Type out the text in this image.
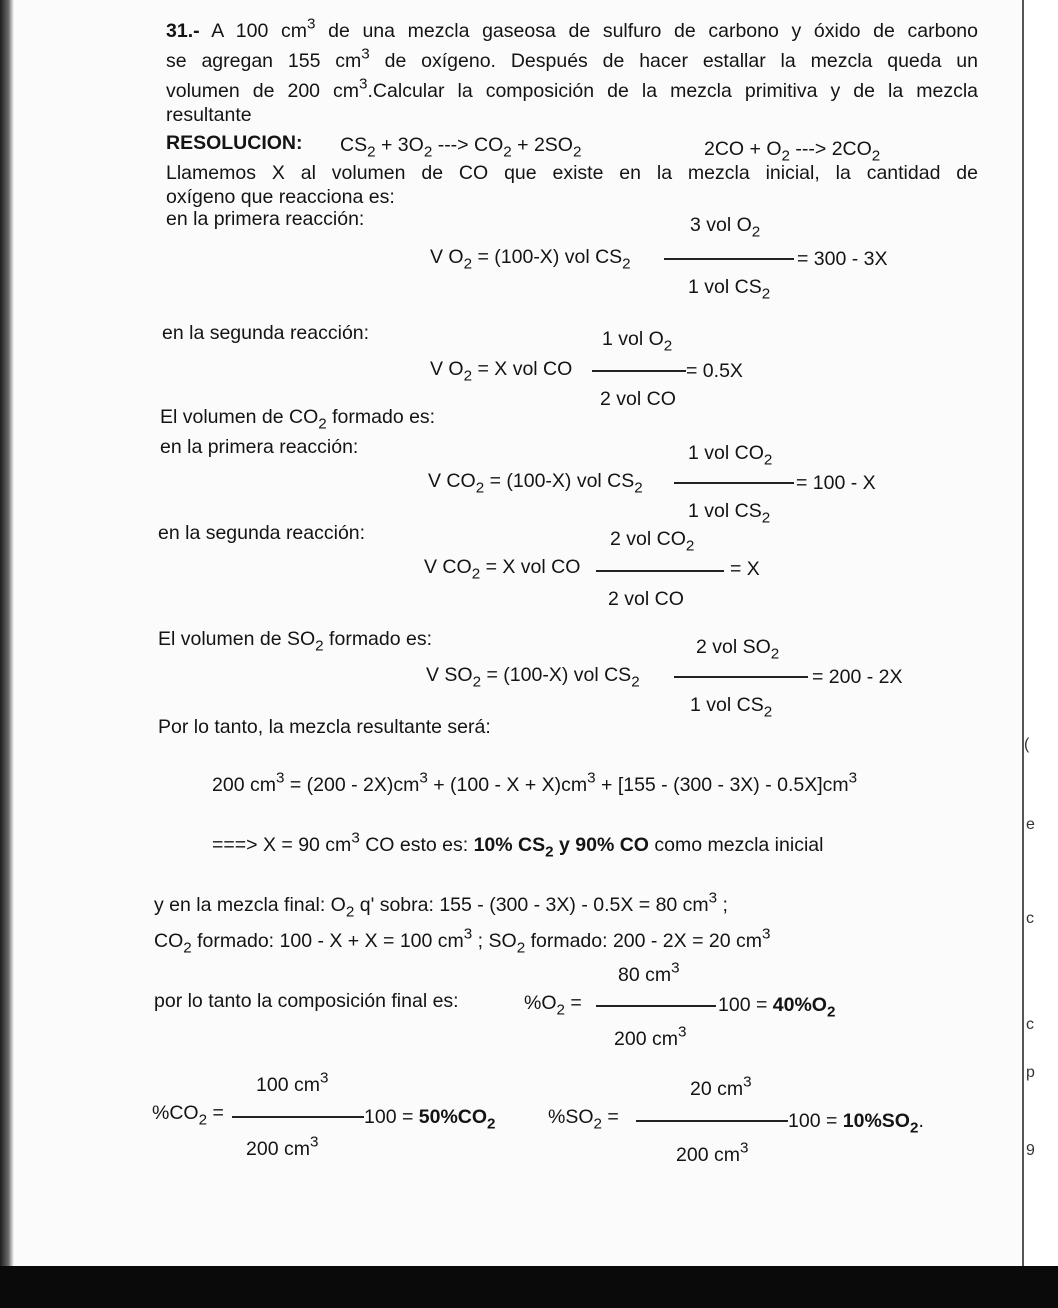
(
e
c
c
p
9
31.- A 100 $cm^3$ de una mezcla gaseosa de sulfuro de carbono y óxido de carbono
se agregan 155 $cm^3$ de oxígeno. Después de hacer estallar la mezcla queda un
volumen de 200 $cm^3.Calcular$ la composición de la mezcla primitiva y de la mezcla
resultante
RESOLUCION: $CS_2 + 3O_2$ ---> $CO_2 + 2SO_2$	$2CO + O_2$ ---> $2CO_2$
Llamemos X al volumen de CO que existe en la mezcla inicial, la cantidad de
oxígeno que reacciona es:
en la primera reacción:
V $O_2 = (100-X)$ vol $CS_2$
3 vol $O_2$
1 vol $CS_2$
= 300 - 3X
en la segunda reacción:
V $O_2 = X$ vol CO
1 vol $O_2$
2 vol CO
= 0.5X
El volumen de $CO_2$ formado es:
en la primera reacción:
V $CO_2 = (100-X)$ vol $CS_2$
1 vol $CO_2$
1 vol $CS_2$
= 100 - X
en la segunda reacción:
V $CO_2 = X$ vol CO
2 vol $CO_2$
2 vol CO
= X
El volumen de $SO_2$ formado es:
V $SO_2 = (100-X)$ vol $CS_2$
2 vol $SO_2$
1 vol $CS_2$
= 200 - 2X
Por lo tanto, la mezcla resultante será:
200 $cm^3 = (200 - 2X)cm^3 + (100 - X + X)cm^3 + [155 - (300 - 3X) - 0.5X]cm^3$
===> X = 90 $cm^3$ CO esto es: 10% $CS_2$ y 90% CO como mezcla inicial
y en la mezcla final: $O_2$ q' sobra: 155 - (300 - 3X) - 0.5X = 80 $cm^3$ ;
$CO_2$ formado: 100 - X + X = 100 $cm^3$ ; $SO_2$ formado: 200 - 2X = 20 $cm^3$
por lo tanto la composición final es:	$\%O_2$ =
80 $cm^3$
200 $cm^3$
$100 = 40\%O_2$
$\%CO_2$ =
100 $cm^3$
200 $cm^3$
$100 = 50\%CO_2$	$\%SO_2$ =
20 $cm^3$
200 $cm^3$
$100 = 10\%SO_2$.
